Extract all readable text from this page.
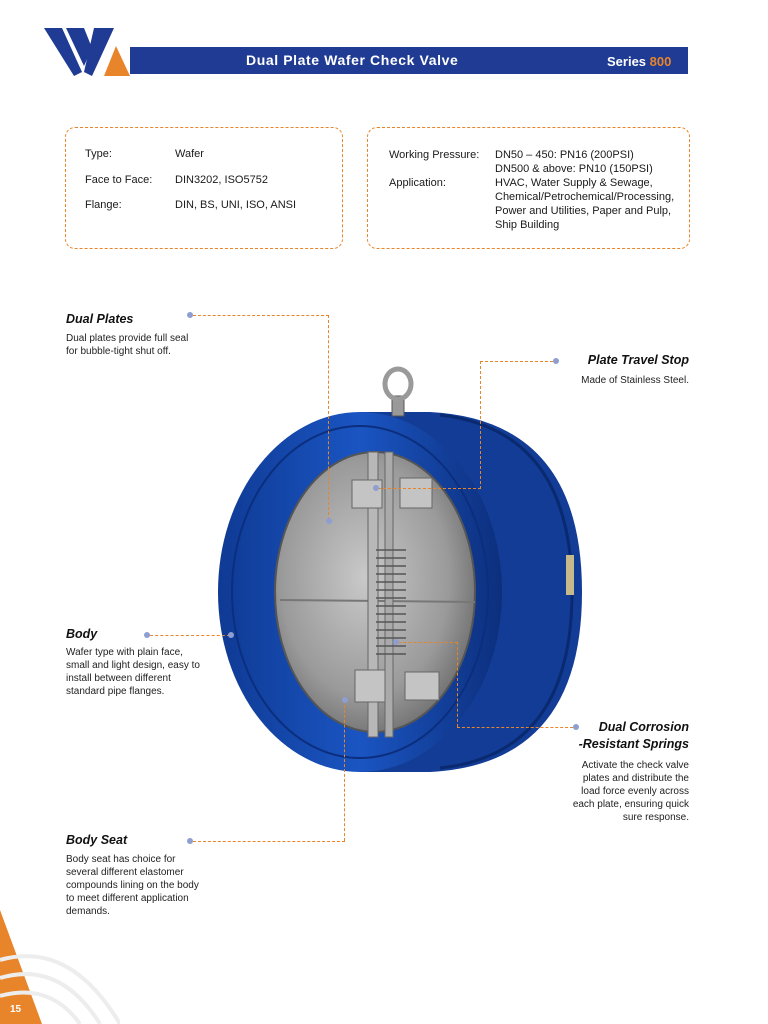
Dual Plate Wafer Check Valve	Series 800
Type:	Wafer
Face to Face: DIN3202, ISO5752
Flange:	DIN, BS, UNI, ISO, ANSI
Working Pressure: DN50 – 450: PN16 (200PSI)
DN500 & above: PN10 (150PSI)
Application:	HVAC, Water Supply & Sewage,
Chemical/Petrochemical/Processing,
Power and Utilities, Paper and Pulp,
Ship Building
Dual Plates
Dual plates provide full seal
for bubble-tight shut off.
Plate Travel Stop
Made of Stainless Steel.
Body
Wafer type with plain face,
small and light design, easy to
install between different
standard pipe flanges.
Dual Corrosion
-Resistant Springs
Activate the check valve
plates and distribute the
load force evenly across
each plate, ensuring quick
sure response.
Body Seat
Body seat has choice for
several different elastomer
compounds lining on the body
to meet different application
demands.
15
